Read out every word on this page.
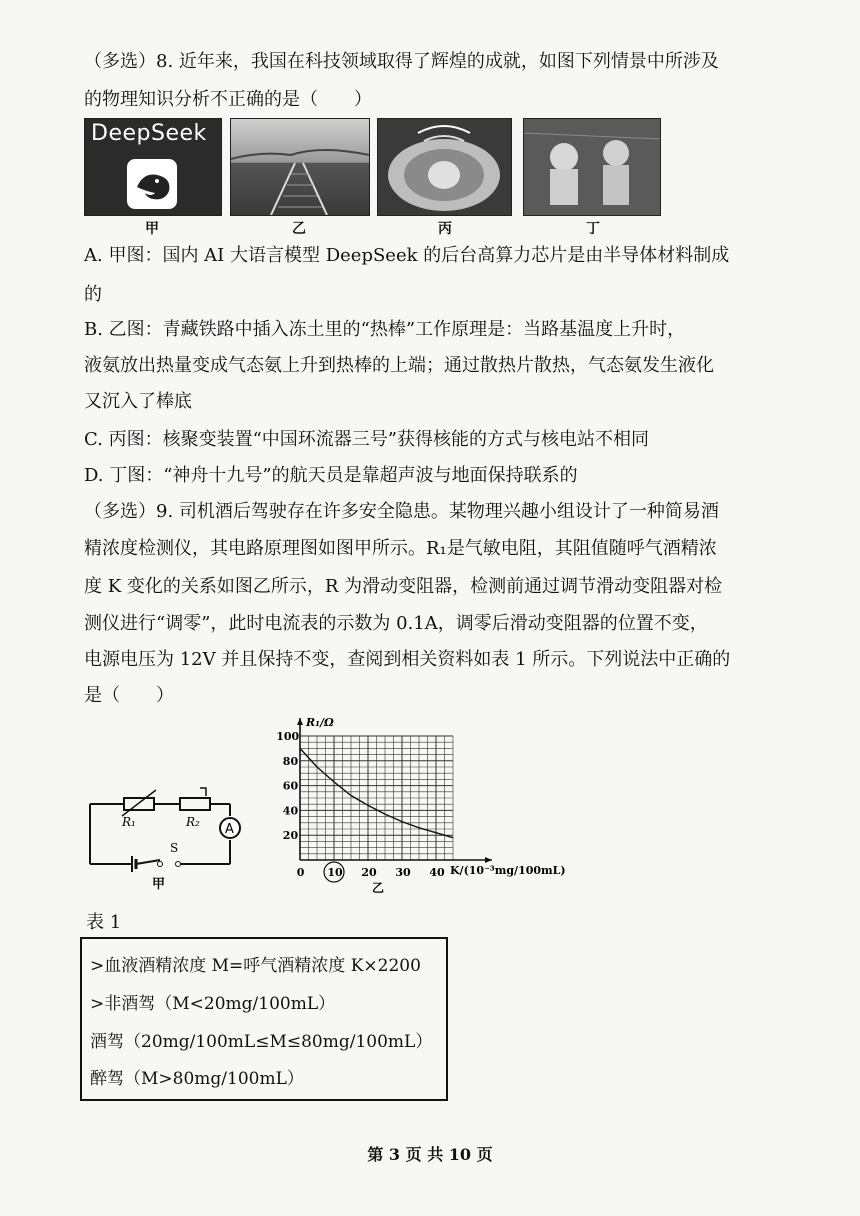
（多选）8. 近年来，我国在科技领域取得了辉煌的成就，如图下列情景中所涉及
的物理知识分析不正确的是（　　）
DeepSeek
甲	乙	丙	丁
A. 甲图：国内 AI 大语言模型 DeepSeek 的后台高算力芯片是由半导体材料制成
的
B. 乙图：青藏铁路中插入冻土里的“热棒”工作原理是：当路基温度上升时，
液氨放出热量变成气态氨上升到热棒的上端；通过散热片散热，气态氨发生液化
又沉入了棒底
C. 丙图：核聚变装置“中国环流器三号”获得核能的方式与核电站不相同
D. 丁图：“神舟十九号”的航天员是靠超声波与地面保持联系的
（多选）9. 司机酒后驾驶存在许多安全隐患。某物理兴趣小组设计了一种简易酒
精浓度检测仪，其电路原理图如图甲所示。R₁是气敏电阻，其阻值随呼气酒精浓
度 K 变化的关系如图乙所示，R 为滑动变阻器，检测前通过调节滑动变阻器对检
测仪进行“调零”，此时电流表的示数为 0.1A，调零后滑动变阻器的位置不变，
电源电压为 12V 并且保持不变，查阅到相关资料如表 1 所示。下列说法中正确的
是（　　）
A
S
R₁	R₂
甲
0 10 20 30 40
20
40
60
80
100
R₁/Ω
K/(10⁻³mg/100mL)
乙
表 1
>血液酒精浓度 M=呼气酒精浓度 K×2200
>非酒驾（M<20mg/100mL）
酒驾（20mg/100mL≤M≤80mg/100mL）
醉驾（M>80mg/100mL）
第 3 页 共 10 页
